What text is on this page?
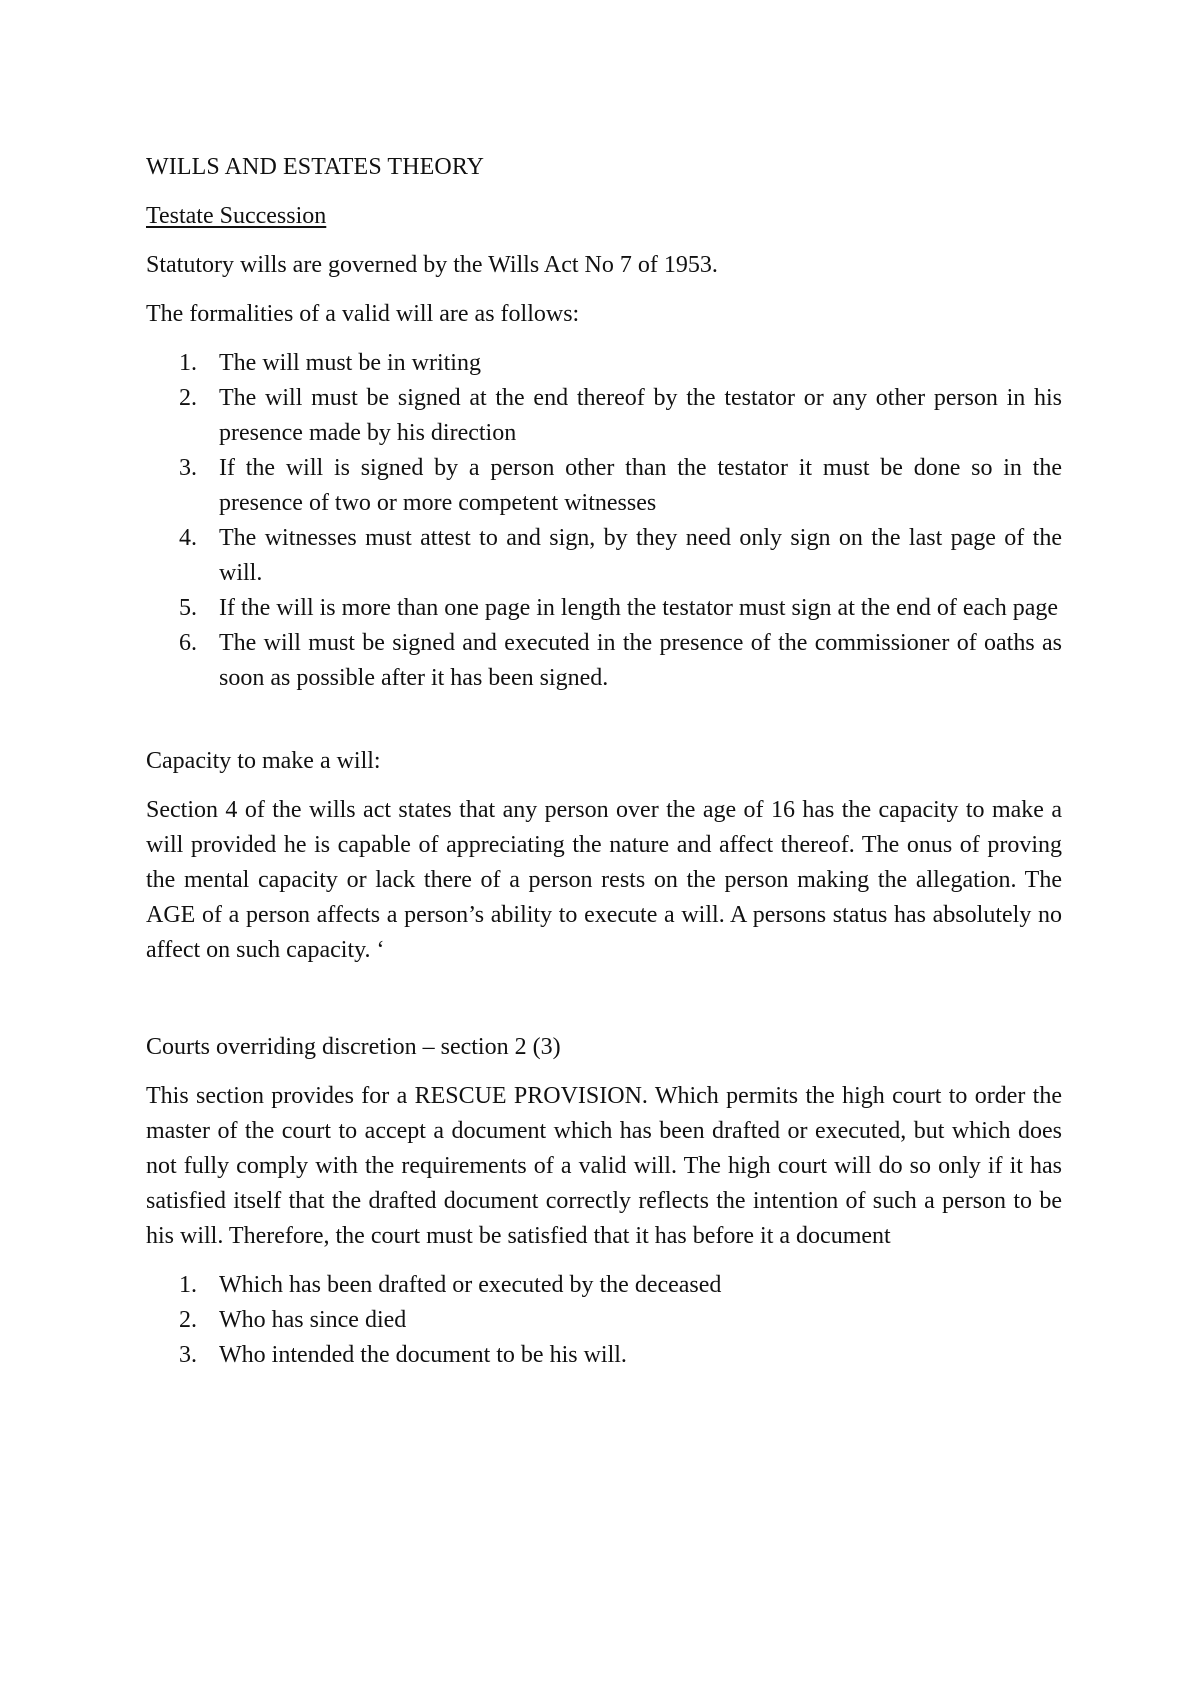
WILLS AND ESTATES THEORY

Testate Succession

Statutory wills are governed by the Wills Act No 7 of 1953.

The formalities of a valid will are as follows:

1. The will must be in writing
2. The will must be signed at the end thereof by the testator or any other person in his presence made by his direction
3. If the will is signed by a person other than the testator it must be done so in the presence of two or more competent witnesses
4. The witnesses must attest to and sign, by they need only sign on the last page of the will.
5. If the will is more than one page in length the testator must sign at the end of each page
6. The will must be signed and executed in the presence of the commissioner of oaths as soon as possible after it has been signed.

Capacity to make a will:

Section 4 of the wills act states that any person over the age of 16 has the capacity to make a will provided he is capable of appreciating the nature and affect thereof. The onus of proving the mental capacity or lack there of a person rests on the person making the allegation. The AGE of a person affects a person’s ability to execute a will. A persons status has absolutely no affect on such capacity. ‘

Courts overriding discretion – section 2 (3)

This section provides for a RESCUE PROVISION. Which permits the high court to order the master of the court to accept a document which has been drafted or executed, but which does not fully comply with the requirements of a valid will. The high court will do so only if it has satisfied itself that the drafted document correctly reflects the intention of such a person to be his will. Therefore, the court must be satisfied that it has before it a document

1. Which has been drafted or executed by the deceased
2. Who has since died
3. Who intended the document to be his will.
